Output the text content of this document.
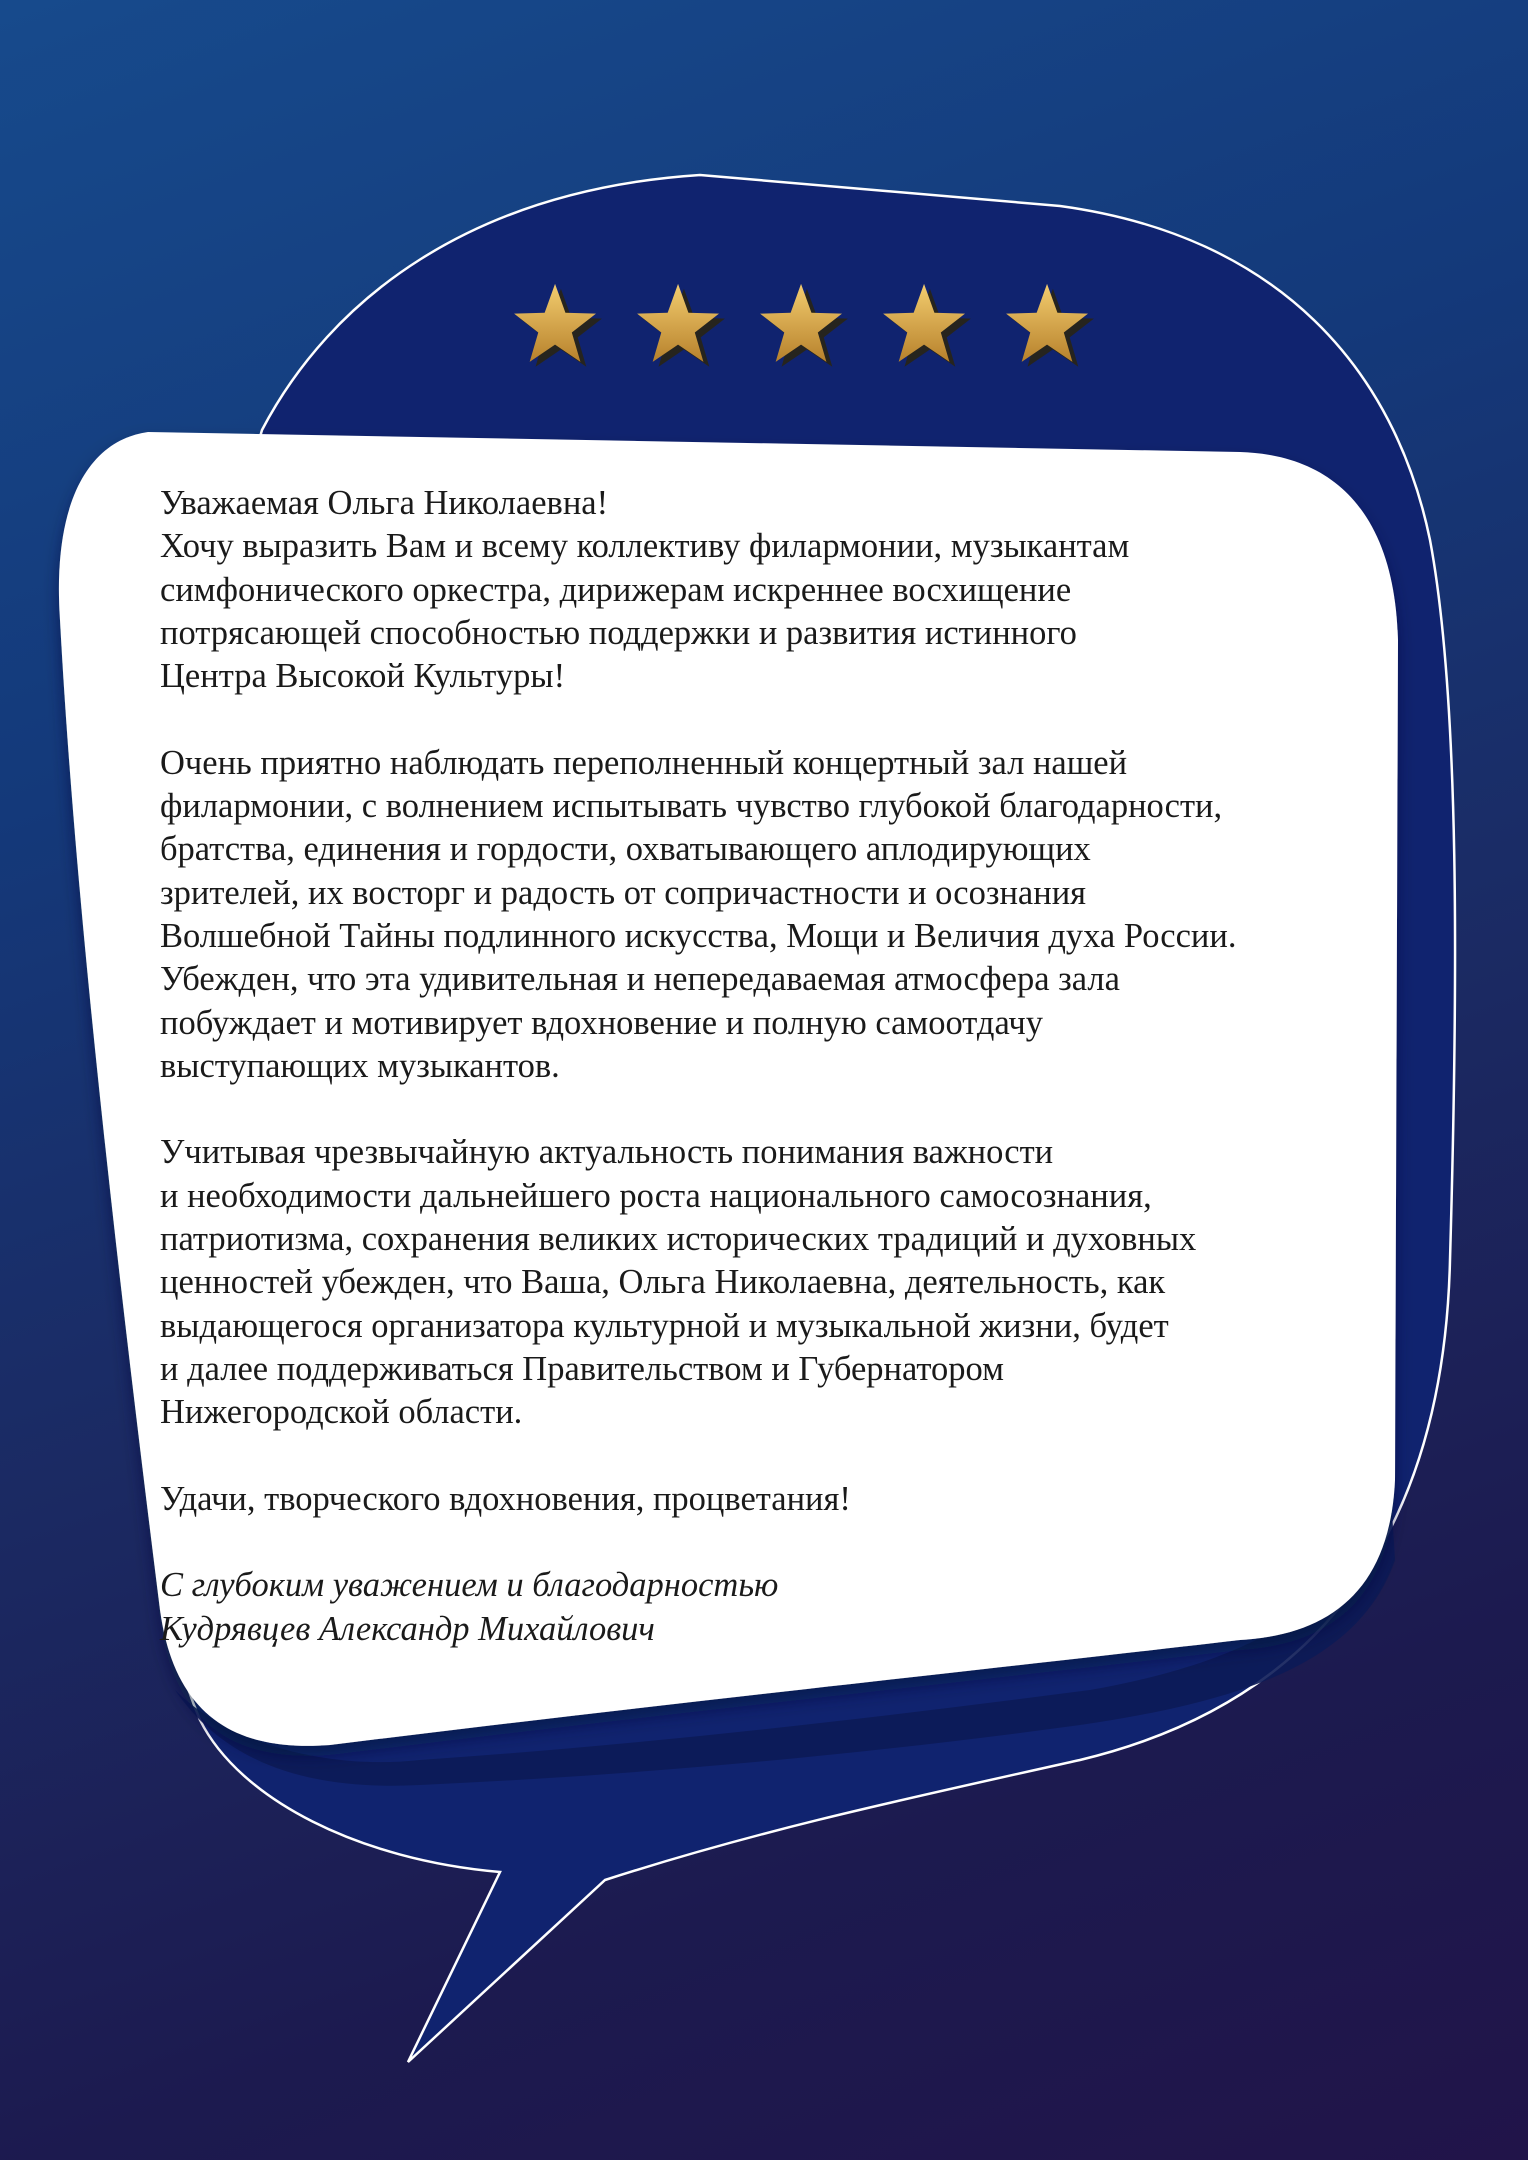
Уважаемая Ольга Николаевна!
Хочу выразить Вам и всему коллективу филармонии, музыкантам
симфонического оркестра, дирижерам искреннее восхищение
потрясающей способностью поддержки и развития истинного
Центра Высокой Культуры!

Очень приятно наблюдать переполненный концертный зал нашей
филармонии, с волнением испытывать чувство глубокой благодарности,
братства, единения и гордости, охватывающего аплодирующих
зрителей, их восторг и радость от сопричастности и осознания
Волшебной Тайны подлинного искусства, Мощи и Величия духа России.
Убежден, что эта удивительная и непередаваемая атмосфера зала
побуждает и мотивирует вдохновение и полную самоотдачу
выступающих музыкантов.

Учитывая чрезвычайную актуальность понимания важности
и необходимости дальнейшего роста национального самосознания,
патриотизма, сохранения великих исторических традиций и духовных
ценностей убежден, что Ваша, Ольга Николаевна, деятельность, как
выдающегося организатора культурной и музыкальной жизни, будет
и далее поддерживаться Правительством и Губернатором
Нижегородской области.

Удачи, творческого вдохновения, процветания!

С глубоким уважением и благодарностью
Кудрявцев Александр Михайлович
